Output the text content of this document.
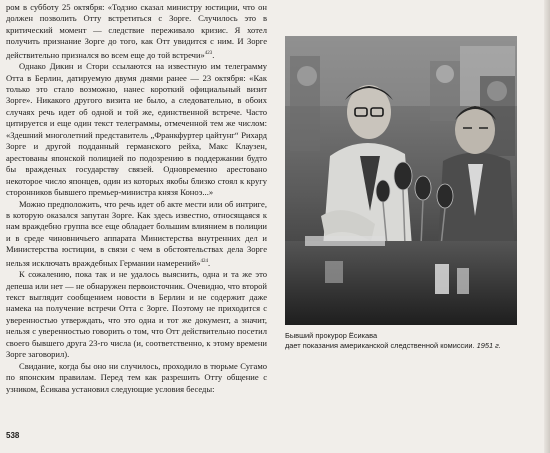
ром в субботу 25 октября: «Тодзио сказал министру юстиции, что он должен позволить Отту встретиться с Зорге. Случилось это в критический момент — следствие переживало кризис. Я хотел получить признание Зорге до того, как Отт увидится с ним. И Зорге действительно признался во всем еще до той встречи»$^{423}$.

Однако Дикин и Стори ссылаются на известную им телеграмму Отта в Берлин, датируемую двумя днями ранее — 23 октября: «Как только это стало возможно, нанес короткий официальный визит Зорге». Никакого другого визита не было, а следовательно, в обоих случаях речь идет об одной и той же, единственной встрече. Часто цитируется и еще один текст телеграммы, отмеченной тем же числом: «Здешний многолетний представитель „Франкфуртер цайтунг“ Рихард Зорге и другой подданный германского рейха, Макс Клаузен, арестованы японской полицией по подозрению в поддержании будто бы вражденых государству связей. Одновременно арестовано некоторое число японцев, один из которых якобы близко стоял к кругу сторонников бывшего премьер-министра князя Коноэ...»

Можно предположить, что речь идет об акте мести или об интриге, в которую оказался запутан Зорге. Как здесь известно, относящаяся к нам враждебно группа все еще обладает большим влиянием в полиции и в среде чиновничьего аппарата Министерства внутренних дел и Министерства юстиции, в связи с чем в обстоятельствах дела Зорге нельзя исключать враждебных Германии намерений»$^{424}$.

К сожалению, пока так и не удалось выяснить, одна и та же это депеша или нет — не обнаружен первоисточник. Очевидно, что второй текст выглядит сообщением новости в Берлин и не содержит даже намека на получение встречи Отта с Зорге. Поэтому не приходится с уверенностью утверждать, что это одна и тот же документ, а значит, нельзя с уверенностью говорить о том, что Отт действительно посетил своего бывшего друга 23-го числа (и, соответственно, к этому времени Зорге заговорил).

Свидание, когда бы оно ни случилось, проходило в тюрьме Сугамо по японским правилам. Перед тем как разрешить Отту общение с узником, Ёсикава установил следующие условия беседы:

538
Бывший прокурор Ёсикава
дает показания американской следственной комиссии. 1951 г.
